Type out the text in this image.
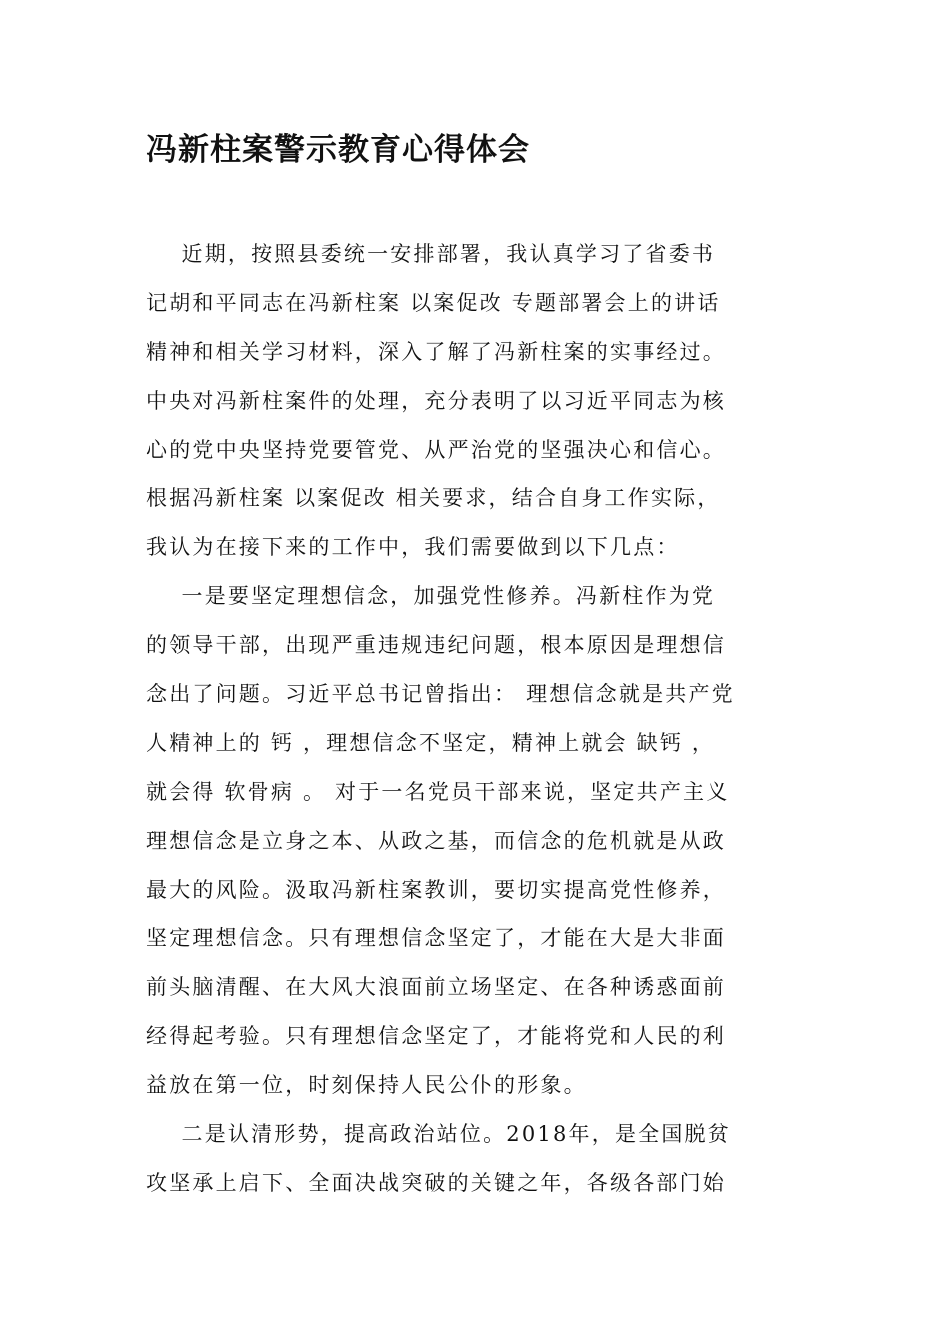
冯新柱案警示教育心得体会
近期，按照县委统一安排部署，我认真学习了省委书
记胡和平同志在冯新柱案 以案促改 专题部署会上的讲话
精神和相关学习材料，深入了解了冯新柱案的实事经过。
中央对冯新柱案件的处理，充分表明了以习近平同志为核
心的党中央坚持党要管党、从严治党的坚强决心和信心。
根据冯新柱案 以案促改 相关要求，结合自身工作实际，
我认为在接下来的工作中，我们需要做到以下几点：
一是要坚定理想信念，加强党性修养。冯新柱作为党
的领导干部，出现严重违规违纪问题，根本原因是理想信
念出了问题。习近平总书记曾指出： 理想信念就是共产党
人精神上的 钙 ，理想信念不坚定，精神上就会 缺钙 ，
就会得 软骨病 。 对于一名党员干部来说，坚定共产主义
理想信念是立身之本、从政之基，而信念的危机就是从政
最大的风险。汲取冯新柱案教训，要切实提高党性修养，
坚定理想信念。只有理想信念坚定了，才能在大是大非面
前头脑清醒、在大风大浪面前立场坚定、在各种诱惑面前
经得起考验。只有理想信念坚定了，才能将党和人民的利
益放在第一位，时刻保持人民公仆的形象。
二是认清形势，提高政治站位。2018年，是全国脱贫
攻坚承上启下、全面决战突破的关键之年，各级各部门始
